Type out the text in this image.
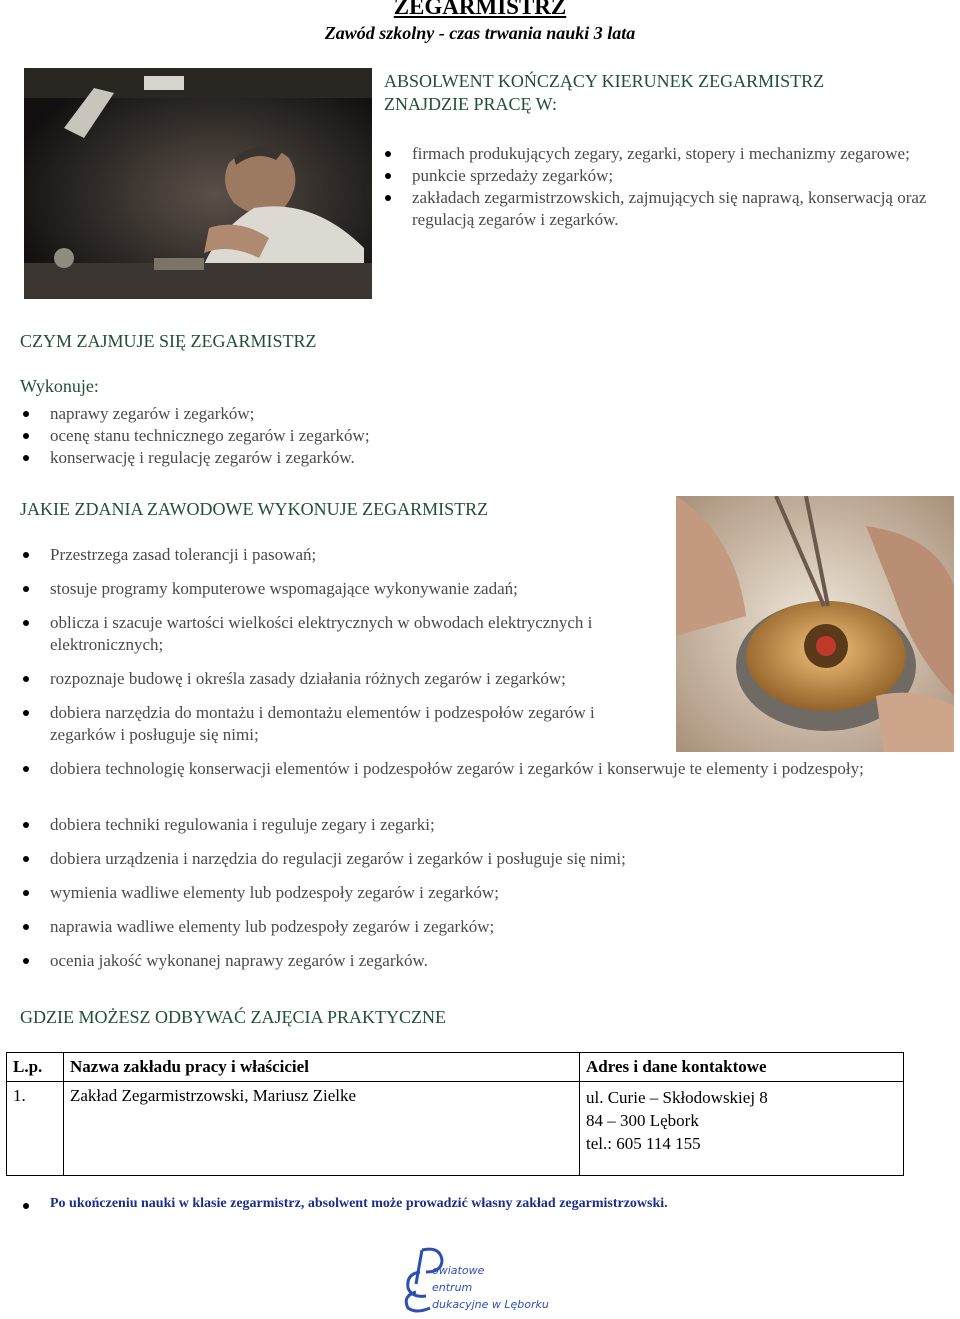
ZEGARMISTRZ
Zawód szkolny - czas trwania nauki 3 lata
ABSOLWENT KOŃCZĄCY KIERUNEK ZEGARMISTRZ
ZNAJDZIE PRACĘ W:
firmach produkujących zegary, zegarki, stopery i mechanizmy zegarowe;
punkcie sprzedaży zegarków;
zakładach zegarmistrzowskich, zajmujących się naprawą, konserwacją oraz regulacją zegarów i zegarków.
CZYM ZAJMUJE SIĘ ZEGARMISTRZ
Wykonuje:
naprawy zegarów i zegarków;
ocenę stanu technicznego zegarów i zegarków;
konserwację i regulację zegarów i zegarków.
JAKIE ZDANIA ZAWODOWE WYKONUJE ZEGARMISTRZ
Przestrzega zasad tolerancji i pasowań;
stosuje programy komputerowe wspomagające wykonywanie zadań;
oblicza i szacuje wartości wielkości elektrycznych w obwodach elektrycznych i elektronicznych;
rozpoznaje budowę i określa zasady działania różnych zegarów i zegarków;
dobiera narzędzia do montażu i demontażu elementów i podzespołów zegarów i zegarków i posługuje się nimi;
dobiera technologię konserwacji elementów i podzespołów zegarów i zegarków i konserwuje te elementy i podzespoły;
dobiera techniki regulowania i reguluje zegary i zegarki;
dobiera urządzenia i narzędzia do regulacji zegarów i zegarków i posługuje się nimi;
wymienia wadliwe elementy lub podzespoły zegarów i zegarków;
naprawia wadliwe elementy lub podzespoły zegarów i zegarków;
ocenia jakość wykonanej naprawy zegarów i zegarków.
GDZIE MOŻESZ ODBYWAĆ ZAJĘCIA PRAKTYCZNE
L.p.	Nazwa zakładu pracy i właściciel	Adres i dane kontaktowe
1.	Zakład Zegarmistrzowski, Mariusz Zielke	ul. Curie – Skłodowskiej 8
84 – 300 Lębork
tel.: 605 114 155
Po ukończeniu nauki w klasie zegarmistrz, absolwent może prowadzić własny zakład zegarmistrzowski.
owiatowe
entrum
dukacyjne w Lęborku
